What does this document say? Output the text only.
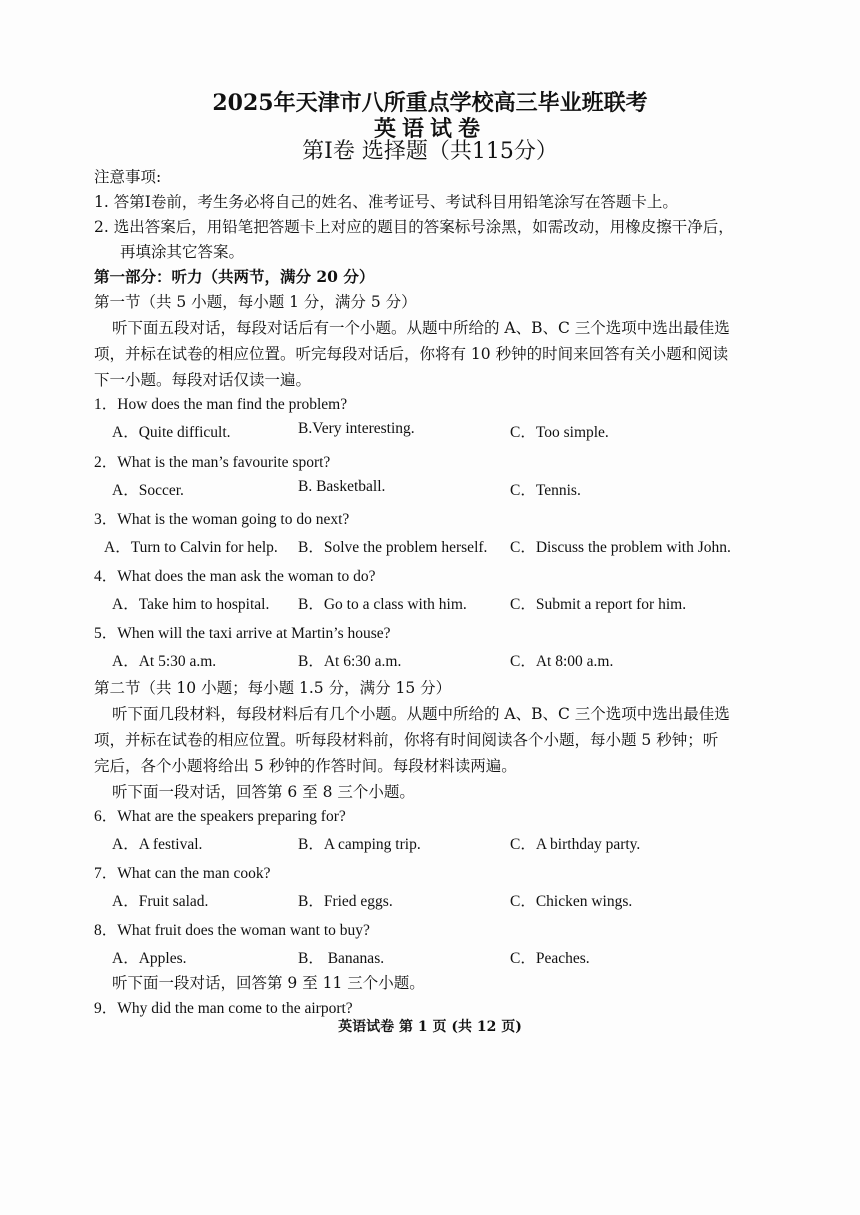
2025年天津市八所重点学校高三毕业班联考
英语试卷
第I卷 选择题（共115分）
注意事项:
1. 答第I卷前，考生务必将自己的姓名、准考证号、考试科目用铅笔涂写在答题卡上。
2. 选出答案后，用铅笔把答题卡上对应的题目的答案标号涂黑，如需改动，用橡皮擦干净后，
再填涂其它答案。
第一部分：听力（共两节，满分 20 分）
第一节（共 5 小题，每小题 1 分，满分 5 分）
听下面五段对话，每段对话后有一个小题。从题中所给的 A、B、C 三个选项中选出最佳选
项，并标在试卷的相应位置。听完每段对话后，你将有 10 秒钟的时间来回答有关小题和阅读
下一小题。每段对话仅读一遍。
1．How does the man find the problem?
A．Quite difficult.	B.Very interesting.	C．Too simple.
2．What is the man’s favourite sport?
A．Soccer.	B. Basketball.	C．Tennis.
3．What is the woman going to do next?
A．Turn to Calvin for help. B．Solve the problem herself. C．Discuss the problem with John.
4．What does the man ask the woman to do?
A．Take him to hospital. B．Go to a class with him.	C．Submit a report for him.
5．When will the taxi arrive at Martin’s house?
A．At 5:30 a.m.	B．At 6:30 a.m.	C．At 8:00 a.m.
第二节（共 10 小题；每小题 1.5 分，满分 15 分）
听下面几段材料，每段材料后有几个小题。从题中所给的 A、B、C 三个选项中选出最佳选
项，并标在试卷的相应位置。听每段材料前，你将有时间阅读各个小题，每小题 5 秒钟；听
完后，各个小题将给出 5 秒钟的作答时间。每段材料读两遍。
听下面一段对话，回答第 6 至 8 三个小题。
6．What are the speakers preparing for?
A．A festival.	B．A camping trip.	C．A birthday party.
7．What can the man cook?
A．Fruit salad.	B．Fried eggs.	C．Chicken wings.
8．What fruit does the woman want to buy?
A．Apples.	B． Bananas.	C．Peaches.
听下面一段对话，回答第 9 至 11 三个小题。
9．Why did the man come to the airport?
英语试卷 第 1 页 (共 12 页)
